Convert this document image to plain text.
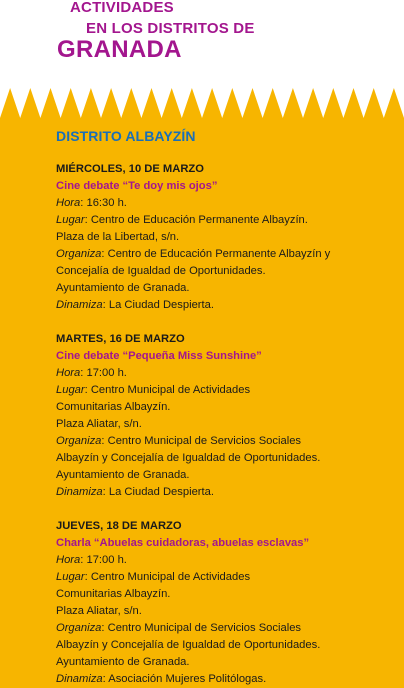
ACTIVIDADES
EN LOS DISTRITOS DE
GRANADA
DISTRITO ALBAYZÍN
MIÉRCOLES, 10 DE MARZO
Cine debate “Te doy mis ojos”
Hora: 16:30 h.
Lugar: Centro de Educación Permanente Albayzín.
Plaza de la Libertad, s/n.
Organiza: Centro de Educación Permanente Albayzín y
Concejalía de Igualdad de Oportunidades.
Ayuntamiento de Granada.
Dinamiza: La Ciudad Despierta.
MARTES, 16 DE MARZO
Cine debate “Pequeña Miss Sunshine”
Hora: 17:00 h.
Lugar: Centro Municipal de Actividades
Comunitarias Albayzín.
Plaza Aliatar, s/n.
Organiza: Centro Municipal de Servicios Sociales
Albayzín y Concejalía de Igualdad de Oportunidades.
Ayuntamiento de Granada.
Dinamiza: La Ciudad Despierta.
JUEVES, 18 DE MARZO
Charla “Abuelas cuidadoras, abuelas esclavas”
Hora: 17:00 h.
Lugar: Centro Municipal de Actividades
Comunitarias Albayzín.
Plaza Aliatar, s/n.
Organiza: Centro Municipal de Servicios Sociales
Albayzín y Concejalía de Igualdad de Oportunidades.
Ayuntamiento de Granada.
Dinamiza: Asociación Mujeres Politólogas.
